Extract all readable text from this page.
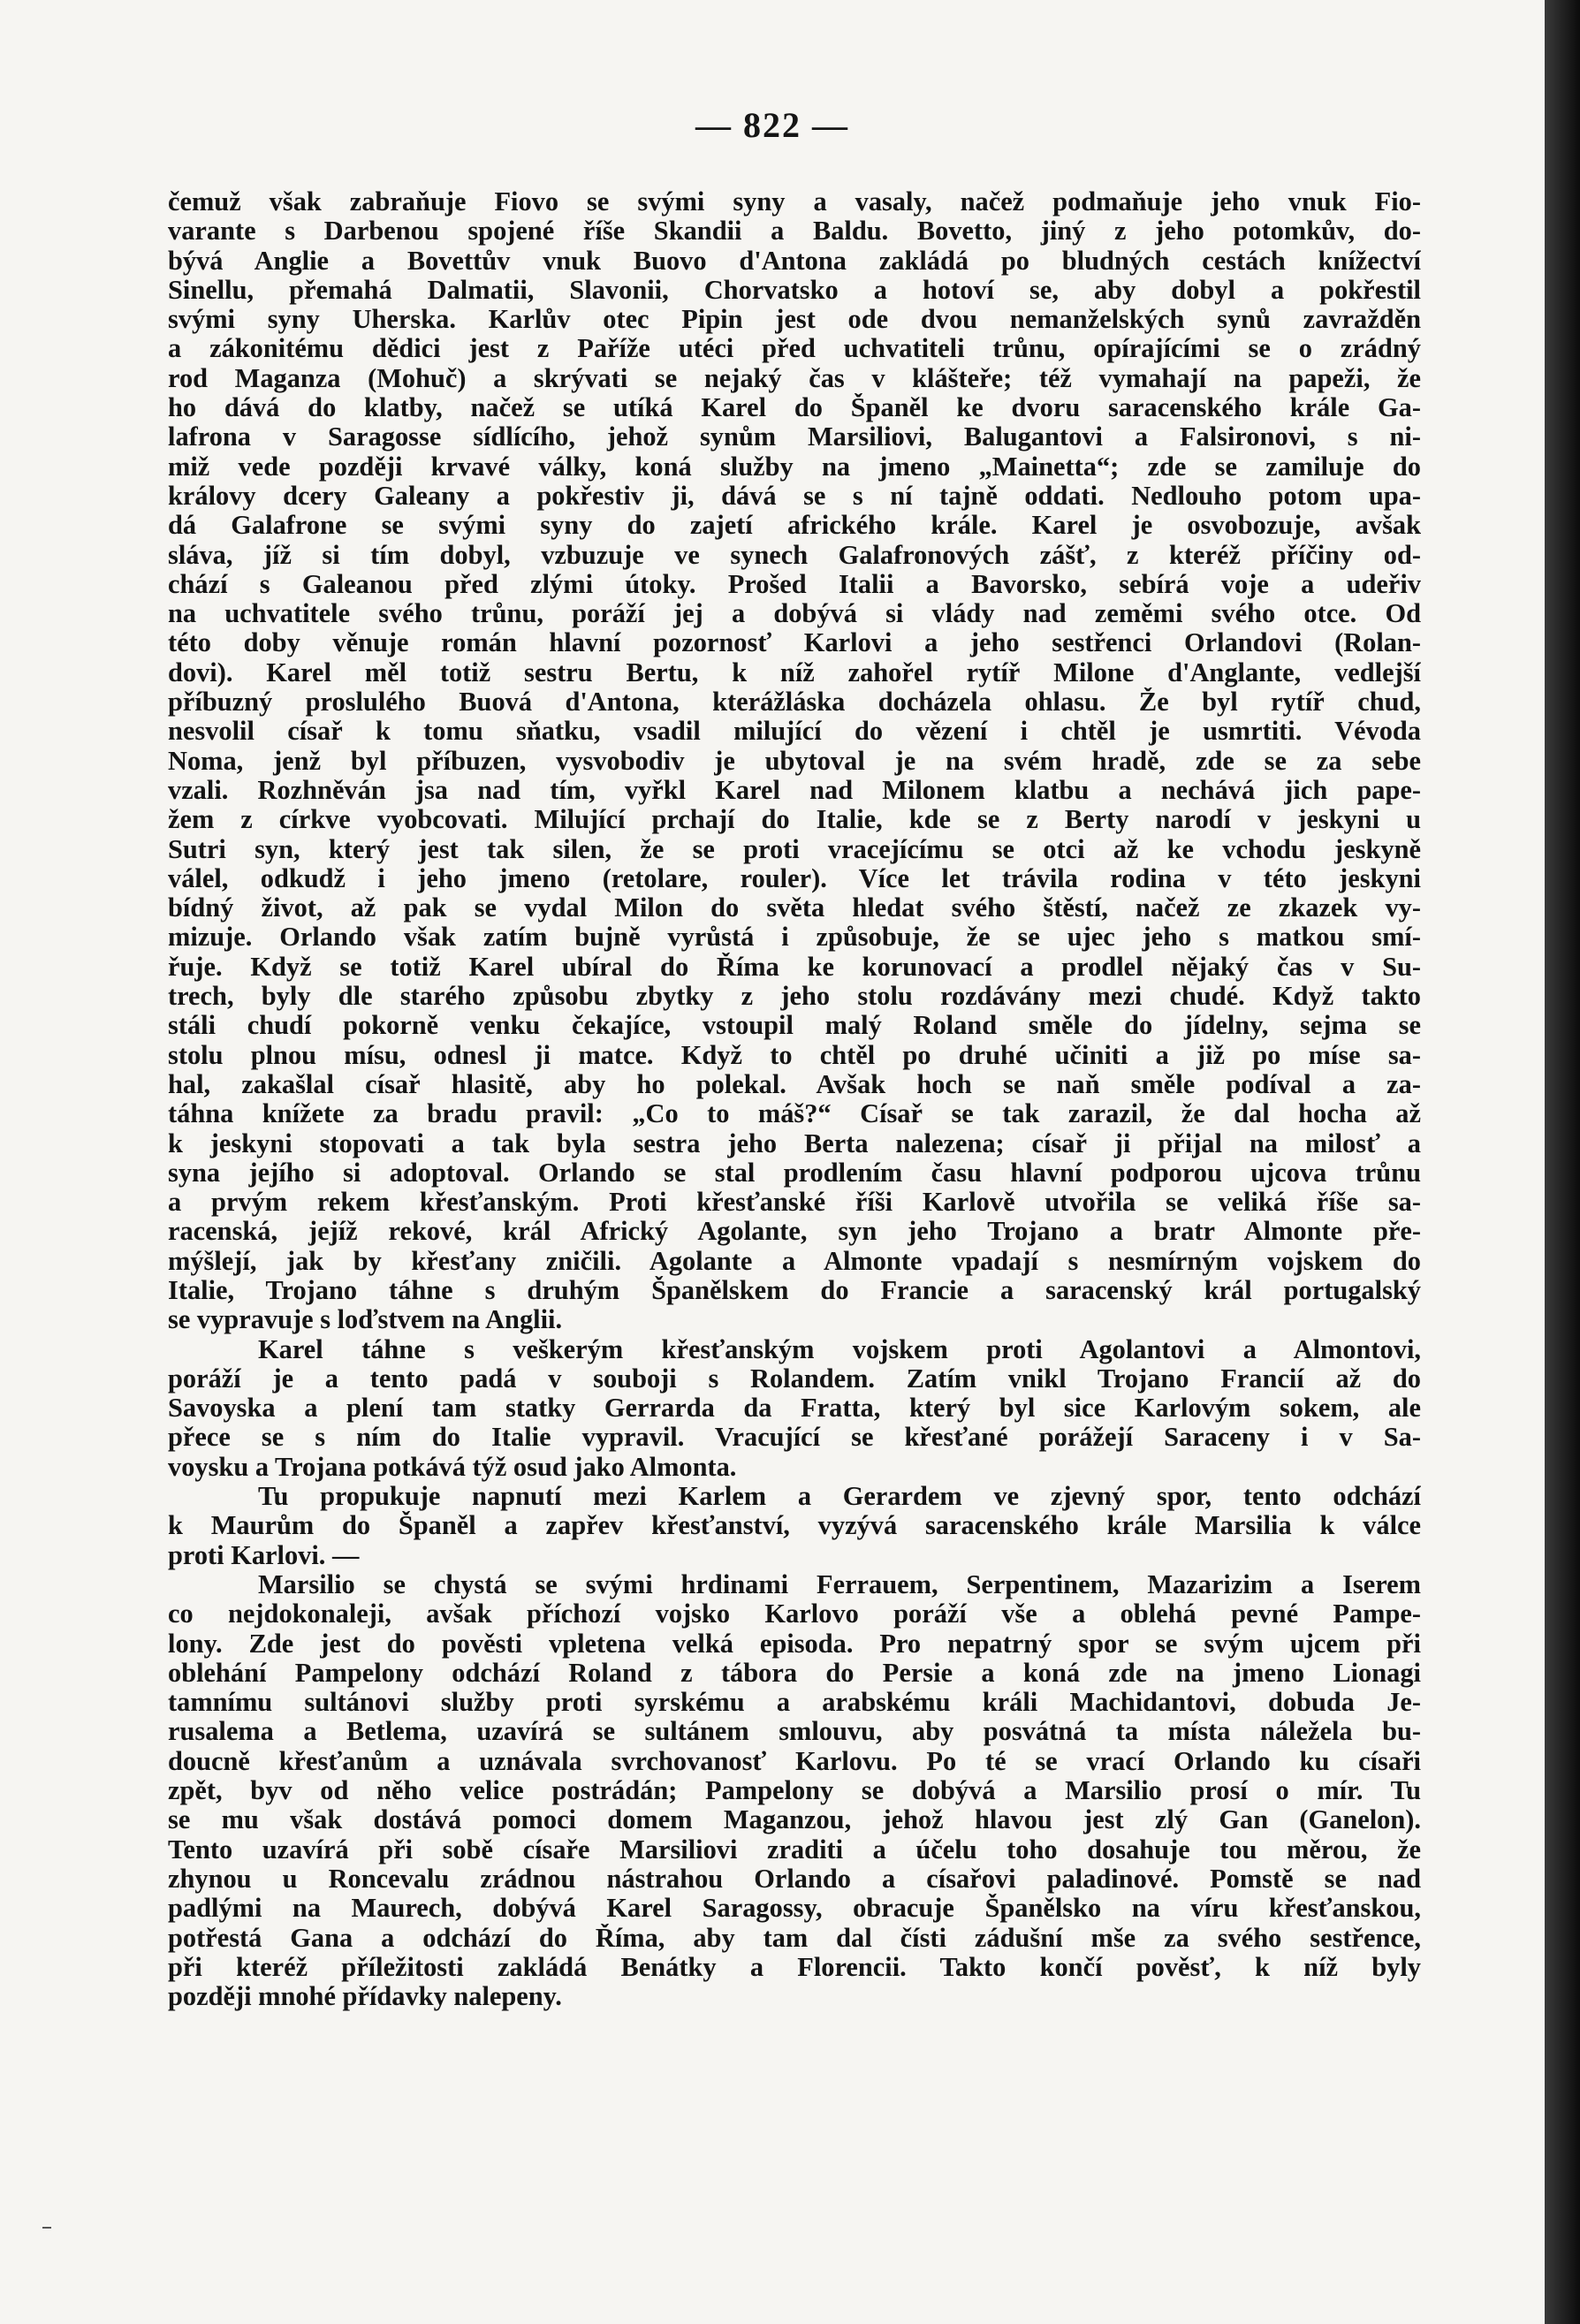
— 822 —
čemuž však zabraňuje Fiovo se svými syny a vasaly, načež podmaňuje jeho vnuk Fio-
varante s Darbenou spojené říše Skandii a Baldu. Bovetto, jiný z jeho potomkův, do-
bývá Anglie a Bovettův vnuk Buovo d'Antona zakládá po bludných cestách knížectví
Sinellu, přemahá Dalmatii, Slavonii, Chorvatsko a hotoví se, aby dobyl a pokřestil
svými syny Uherska. Karlův otec Pipin jest ode dvou nemanželských synů zavražděn
a zákonitému dědici jest z Paříže utéci před uchvatiteli trůnu, opírajícími se o zrádný
rod Maganza (Mohuč) a skrývati se nejaký čas v klášteře; též vymahají na papeži, že
ho dává do klatby, načež se utíká Karel do Španěl ke dvoru saracenského krále Ga-
lafrona v Saragosse sídlícího, jehož synům Marsiliovi, Balugantovi a Falsironovi, s ni-
miž vede později krvavé války, koná služby na jmeno „Mainetta“; zde se zamiluje do
královy dcery Galeany a pokřestiv ji, dává se s ní tajně oddati. Nedlouho potom upa-
dá Galafrone se svými syny do zajetí afrického krále. Karel je osvobozuje, avšak
sláva, jíž si tím dobyl, vzbuzuje ve synech Galafronových zášť, z kteréž příčiny od-
chází s Galeanou před zlými útoky. Prošed Italii a Bavorsko, sebírá voje a udeřiv
na uchvatitele svého trůnu, poráží jej a dobývá si vlády nad zeměmi svého otce. Od
této doby věnuje román hlavní pozornosť Karlovi a jeho sestřenci Orlandovi (Rolan-
dovi). Karel měl totiž sestru Bertu, k níž zahořel rytíř Milone d'Anglante, vedlejší
příbuzný proslulého Buová d'Antona, kterážláska docházela ohlasu. Že byl rytíř chud,
nesvolil císař k tomu sňatku, vsadil milující do vězení i chtěl je usmrtiti. Vévoda
Noma, jenž byl příbuzen, vysvobodiv je ubytoval je na svém hradě, zde se za sebe
vzali. Rozhněván jsa nad tím, vyřkl Karel nad Milonem klatbu a nechává jich pape-
žem z církve vyobcovati. Milující prchají do Italie, kde se z Berty narodí v jeskyni u
Sutri syn, který jest tak silen, že se proti vracejícímu se otci až ke vchodu jeskyně
válel, odkudž i jeho jmeno (retolare, rouler). Více let trávila rodina v této jeskyni
bídný život, až pak se vydal Milon do světa hledat svého štěstí, načež ze zkazek vy-
mizuje. Orlando však zatím bujně vyrůstá i způsobuje, že se ujec jeho s matkou smí-
řuje. Když se totiž Karel ubíral do Říma ke korunovací a prodlel nějaký čas v Su-
trech, byly dle starého způsobu zbytky z jeho stolu rozdávány mezi chudé. Když takto
stáli chudí pokorně venku čekajíce, vstoupil malý Roland směle do jídelny, sejma se
stolu plnou mísu, odnesl ji matce. Když to chtěl po druhé učiniti a již po míse sa-
hal, zakašlal císař hlasitě, aby ho polekal. Avšak hoch se naň směle podíval a za-
táhna knížete za bradu pravil: „Co to máš?“ Císař se tak zarazil, že dal hocha až
k jeskyni stopovati a tak byla sestra jeho Berta nalezena; císař ji přijal na milosť a
syna jejího si adoptoval. Orlando se stal prodlením času hlavní podporou ujcova trůnu
a prvým rekem křesťanským. Proti křesťanské říši Karlově utvořila se veliká říše sa-
racenská, jejíž rekové, král Africký Agolante, syn jeho Trojano a bratr Almonte pře-
mýšlejí, jak by křesťany zničili. Agolante a Almonte vpadají s nesmírným vojskem do
Italie, Trojano táhne s druhým Španělskem do Francie a saracenský král portugalský
se vypravuje s loďstvem na Anglii.
Karel táhne s veškerým křesťanským vojskem proti Agolantovi a Almontovi,
poráží je a tento padá v souboji s Rolandem. Zatím vnikl Trojano Francií až do
Savoyska a plení tam statky Gerrarda da Fratta, který byl sice Karlovým sokem, ale
přece se s ním do Italie vypravil. Vracující se křesťané porážejí Saraceny i v Sa-
voysku a Trojana potkává týž osud jako Almonta.
Tu propukuje napnutí mezi Karlem a Gerardem ve zjevný spor, tento odchází
k Maurům do Španěl a zapřev křesťanství, vyzývá saracenského krále Marsilia k válce
proti Karlovi. —
Marsilio se chystá se svými hrdinami Ferrauem, Serpentinem, Mazarizim a Iserem
co nejdokonaleji, avšak příchozí vojsko Karlovo poráží vše a oblehá pevné Pampe-
lony. Zde jest do pověsti vpletena velká episoda. Pro nepatrný spor se svým ujcem při
oblehání Pampelony odchází Roland z tábora do Persie a koná zde na jmeno Lionagi
tamnímu sultánovi služby proti syrskému a arabskému králi Machidantovi, dobuda Je-
rusalema a Betlema, uzavírá se sultánem smlouvu, aby posvátná ta místa náležela bu-
doucně křesťanům a uznávala svrchovanosť Karlovu. Po té se vrací Orlando ku císaři
zpět, byv od něho velice postrádán; Pampelony se dobývá a Marsilio prosí o mír. Tu
se mu však dostává pomoci domem Maganzou, jehož hlavou jest zlý Gan (Ganelon).
Tento uzavírá při sobě císaře Marsiliovi zraditi a účelu toho dosahuje tou měrou, že
zhynou u Roncevalu zrádnou nástrahou Orlando a císařovi paladinové. Pomstě se nad
padlými na Maurech, dobývá Karel Saragossy, obracuje Španělsko na víru křesťanskou,
potřestá Gana a odchází do Říma, aby tam dal čísti zádušní mše za svého sestřence,
při kteréž příležitosti zakládá Benátky a Florencii. Takto končí pověsť, k níž byly
později mnohé přídavky nalepeny.
